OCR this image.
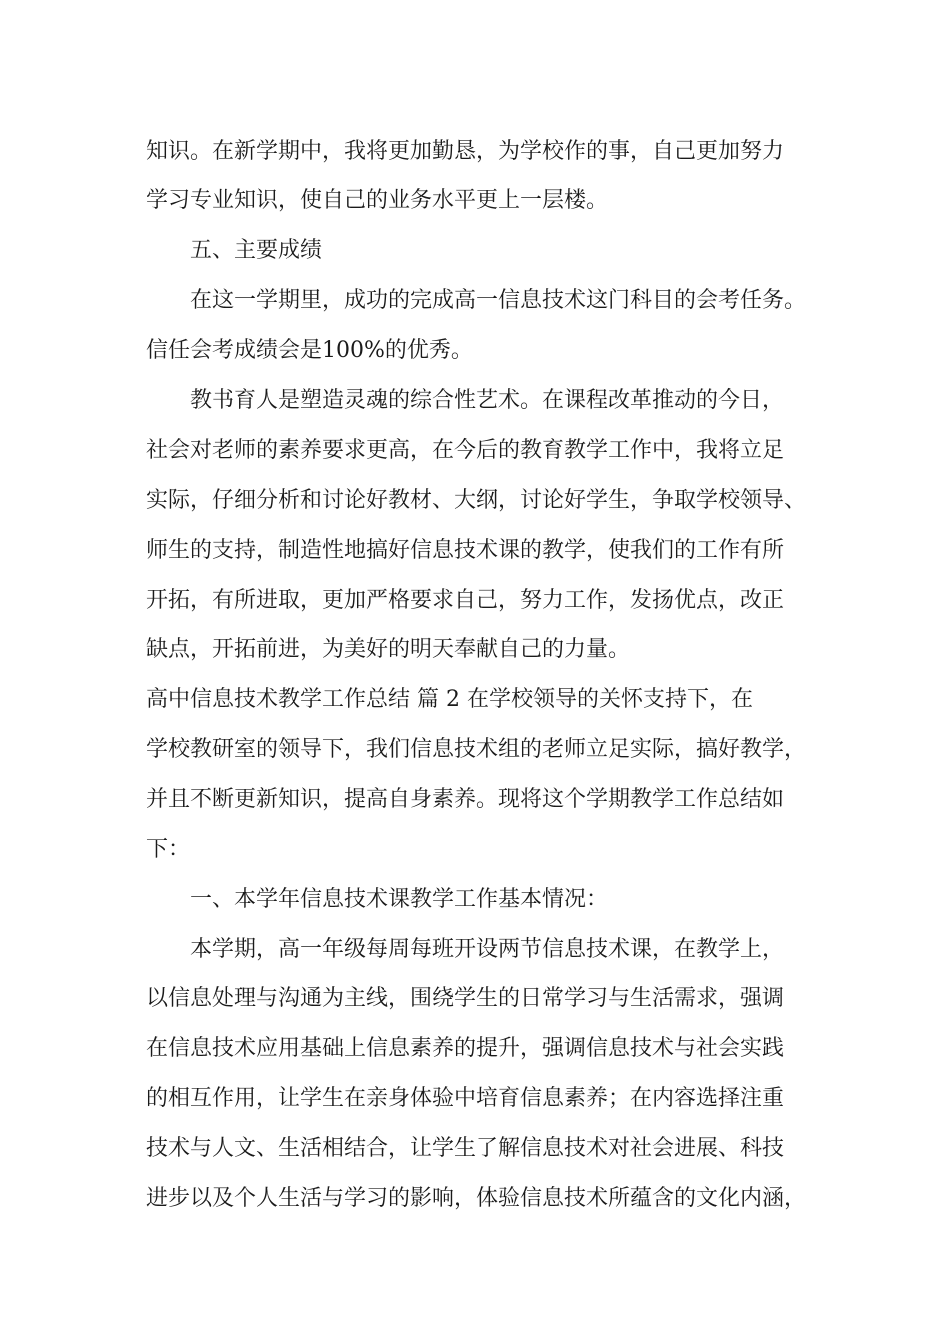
知识。在新学期中，我将更加勤恳，为学校作的事，自己更加努力
学习专业知识，使自己的业务水平更上一层楼。
五、主要成绩
在这一学期里，成功的完成高一信息技术这门科目的会考任务。
信任会考成绩会是100%的优秀。
教书育人是塑造灵魂的综合性艺术。在课程改革推动的今日，
社会对老师的素养要求更高，在今后的教育教学工作中，我将立足
实际，仔细分析和讨论好教材、大纲，讨论好学生，争取学校领导、
师生的支持，制造性地搞好信息技术课的教学，使我们的工作有所
开拓，有所进取，更加严格要求自己，努力工作，发扬优点，改正
缺点，开拓前进，为美好的明天奉献自己的力量。
高中信息技术教学工作总结 篇 2 在学校领导的关怀支持下，在
学校教研室的领导下，我们信息技术组的老师立足实际，搞好教学，
并且不断更新知识，提高自身素养。现将这个学期教学工作总结如
下：
一、本学年信息技术课教学工作基本情况：
本学期，高一年级每周每班开设两节信息技术课，在教学上，
以信息处理与沟通为主线，围绕学生的日常学习与生活需求，强调
在信息技术应用基础上信息素养的提升，强调信息技术与社会实践
的相互作用，让学生在亲身体验中培育信息素养；在内容选择注重
技术与人文、生活相结合，让学生了解信息技术对社会进展、科技
进步以及个人生活与学习的影响，体验信息技术所蕴含的文化内涵，
